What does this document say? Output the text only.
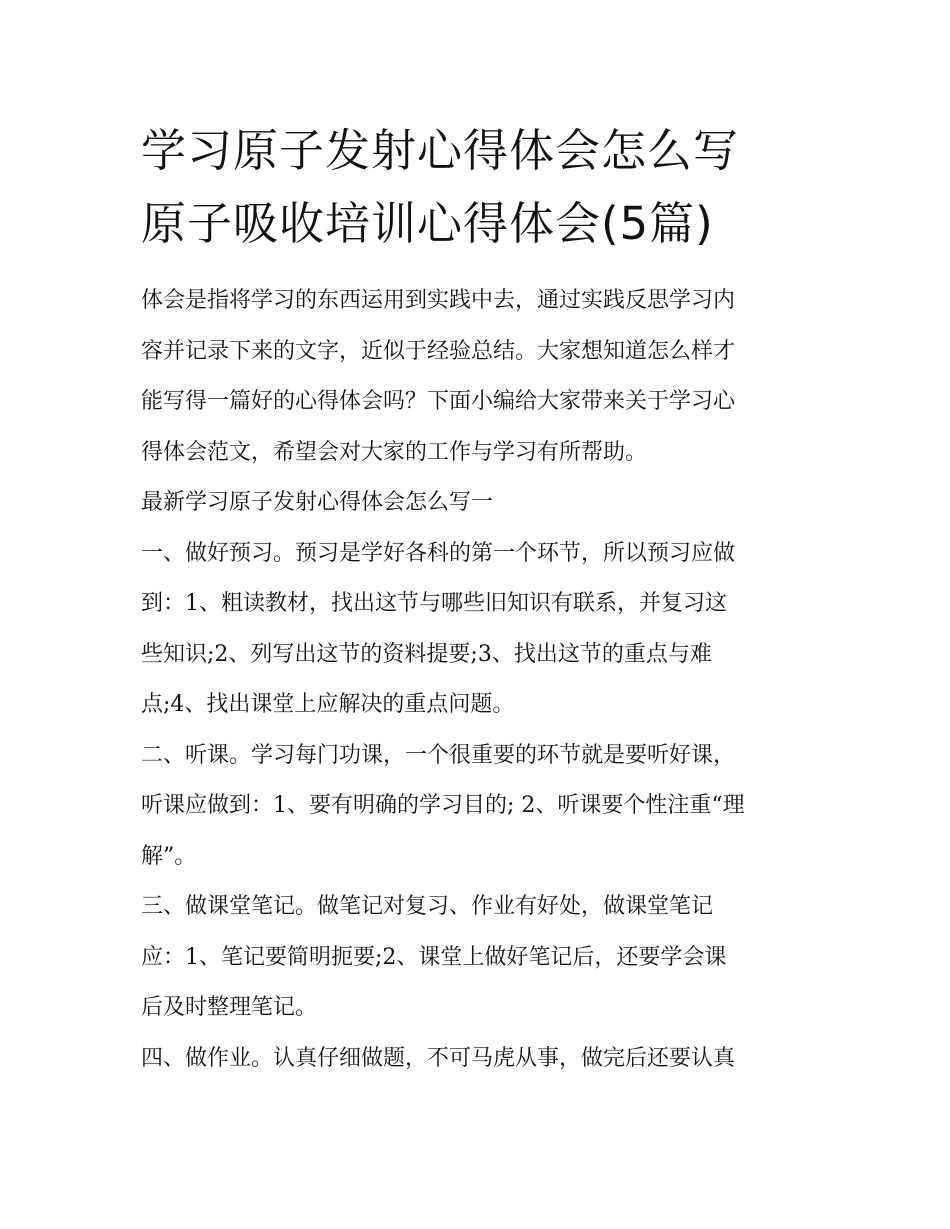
学习原子发射心得体会怎么写
原子吸收培训心得体会(5篇)

体会是指将学习的东西运用到实践中去，通过实践反思学习内
容并记录下来的文字，近似于经验总结。大家想知道怎么样才
能写得一篇好的心得体会吗？下面小编给大家带来关于学习心
得体会范文，希望会对大家的工作与学习有所帮助。

最新学习原子发射心得体会怎么写一

一、做好预习。预习是学好各科的第一个环节，所以预习应做
到：1、粗读教材，找出这节与哪些旧知识有联系，并复习这
些知识;2、列写出这节的资料提要;3、找出这节的重点与难
点;4、找出课堂上应解决的重点问题。

二、听课。学习每门功课，一个很重要的环节就是要听好课，
听课应做到：1、要有明确的学习目的; 2、听课要个性注重“理
解”。

三、做课堂笔记。做笔记对复习、作业有好处，做课堂笔记
应：1、笔记要简明扼要;2、课堂上做好笔记后，还要学会课
后及时整理笔记。

四、做作业。认真仔细做题，不可马虎从事，做完后还要认真
